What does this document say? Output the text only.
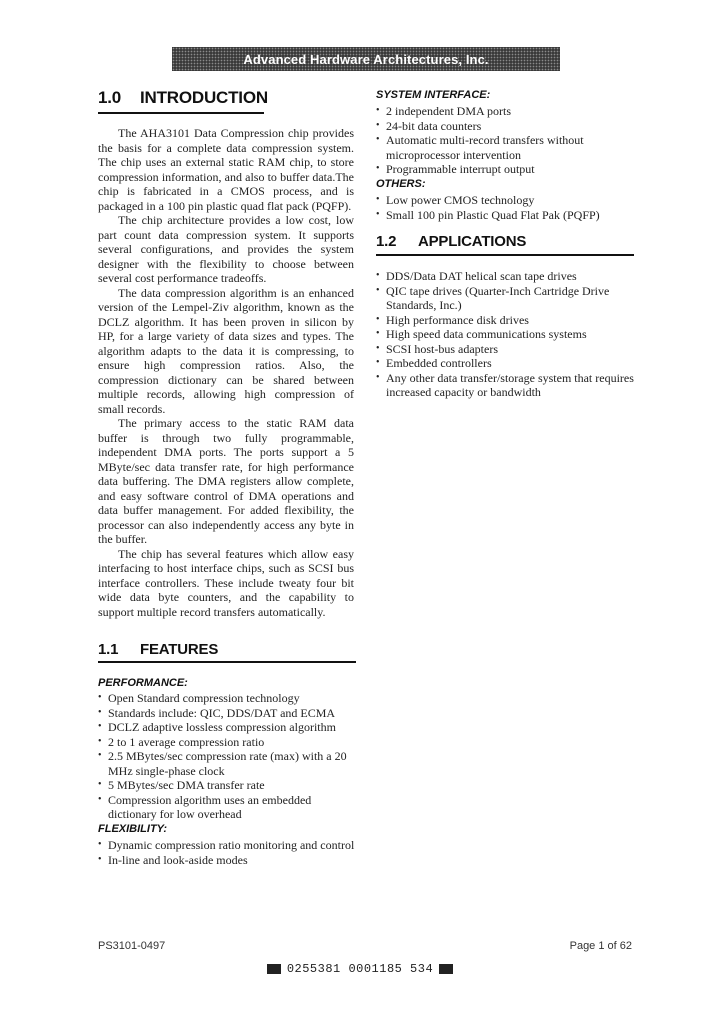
Advanced Hardware Architectures, Inc.
1.0 INTRODUCTION

The AHA3101 Data Compression chip provides the basis for a complete data compression system. The chip uses an external static RAM chip, to store compression information, and also to buffer data.The chip is fabricated in a CMOS process, and is packaged in a 100 pin plastic quad flat pack (PQFP).

The chip architecture provides a low cost, low part count data compression system. It supports several configurations, and provides the system designer with the flexibility to choose between several cost performance tradeoffs.

The data compression algorithm is an enhanced version of the Lempel-Ziv algorithm, known as the DCLZ algorithm. It has been proven in silicon by HP, for a large variety of data sizes and types. The algorithm adapts to the data it is compressing, to ensure high compression ratios. Also, the compression dictionary can be shared between multiple records, allowing high compression of small records.

The primary access to the static RAM data buffer is through two fully programmable, independent DMA ports. The ports support a 5 MByte/sec data transfer rate, for high performance data buffering. The DMA registers allow complete, and easy software control of DMA operations and data buffer management. For added flexibility, the processor can also independently access any byte in the buffer.

The chip has several features which allow easy interfacing to host interface chips, such as SCSI bus interface controllers. These include tweaty four bit wide data byte counters, and the capability to support multiple record transfers automatically.

1.1 FEATURES
PERFORMANCE:
• Open Standard compression technology
• Standards include: QIC, DDS/DAT and ECMA
• DCLZ adaptive lossless compression algorithm
• 2 to 1 average compression ratio
• 2.5 MBytes/sec compression rate (max) with a 20 MHz single-phase clock
• 5 MBytes/sec DMA transfer rate
• Compression algorithm uses an embedded dictionary for low overhead
FLEXIBILITY:
• Dynamic compression ratio monitoring and control
• In-line and look-aside modes
SYSTEM INTERFACE:
• 2 independent DMA ports
• 24-bit data counters
• Automatic multi-record transfers without microprocessor intervention
• Programmable interrupt output
OTHERS:
• Low power CMOS technology
• Small 100 pin Plastic Quad Flat Pak (PQFP)
1.2 APPLICATIONS
• DDS/Data DAT helical scan tape drives
• QIC tape drives (Quarter-Inch Cartridge Drive Standards, Inc.)
• High performance disk drives
• High speed data communications systems
• SCSI host-bus adapters
• Embedded controllers
• Any other data transfer/storage system that requires increased capacity or bandwidth
PS3101-0497	Page 1 of 62
0255381 0001185 534
